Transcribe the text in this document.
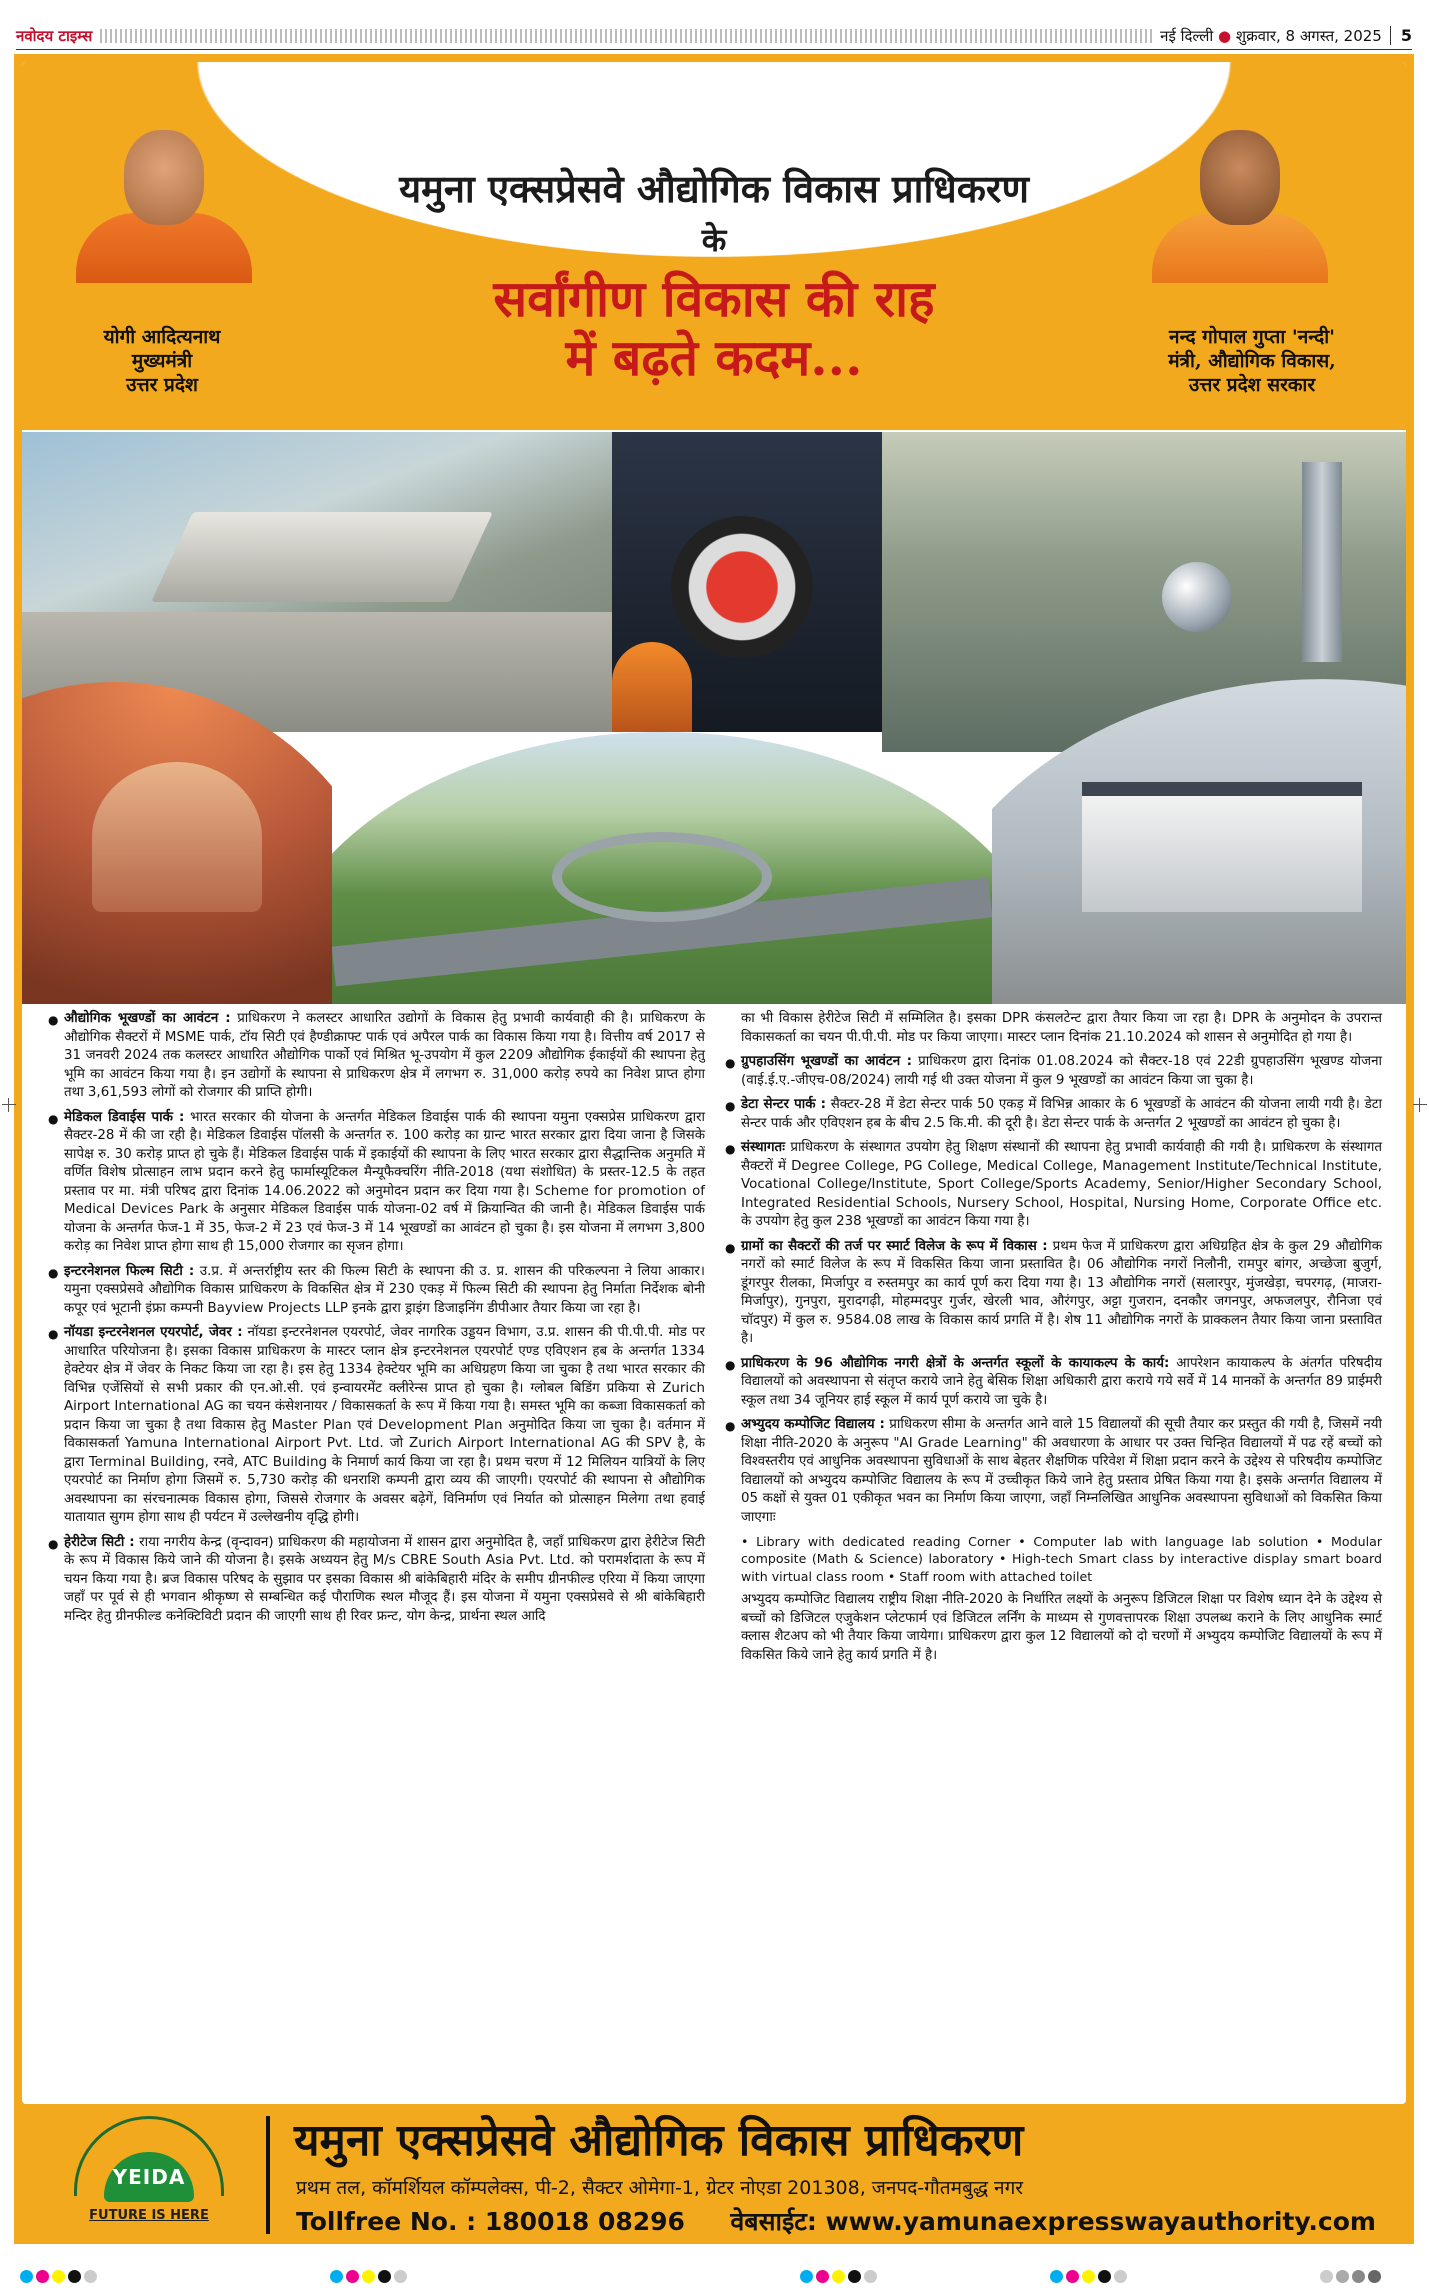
नवोदय टाइम्स	नई दिल्ली ● शुक्रवार, 8 अगस्त, 2025	5
योगी आदित्यनाथ
मुख्यमंत्री
उत्तर प्रदेश
यमुना एक्सप्रेसवे औद्योगिक विकास प्राधिकरण
के
सर्वांगीण विकास की राह
में बढ़ते कदम...	नन्द गोपाल गुप्ता 'नन्दी'
मंत्री, औद्योगिक विकास,
उत्तर प्रदेश सरकार
● औद्योगिक भूखण्डों का आवंटन : प्राधिकरण ने कलस्टर आधारित उद्योगों के विकास हेतु प्रभावी कार्यवाही की है। प्राधिकरण के औद्योगिक सैक्टरों में MSME पार्क, टॉय सिटी एवं हैण्डीक्राफ्ट पार्क एवं अपैरल पार्क का विकास किया गया है। वित्तीय वर्ष 2017 से 31 जनवरी 2024 तक कलस्टर आधारित औद्योगिक पार्को एवं मिश्रित भू-उपयोग में कुल 2209 औद्योगिक ईकाईयों की स्थापना हेतु भूमि का आवंटन किया गया है। इन उद्योगों के स्थापना से प्राधिकरण क्षेत्र में लगभग रु. 31,000 करोड़ रुपये का निवेश प्राप्त होगा तथा 3,61,593 लोगों को रोजगार की प्राप्ति होगी।
● मेडिकल डिवाईस पार्क : भारत सरकार की योजना के अन्तर्गत मेडिकल डिवाईस पार्क की स्थापना यमुना एक्सप्रेस प्राधिकरण द्वारा सैक्टर-28 में की जा रही है। मेडिकल डिवाईस पॉलसी के अन्तर्गत रु. 100 करोड़ का ग्रान्ट भारत सरकार द्वारा दिया जाना है जिसके सापेक्ष रु. 30 करोड़ प्राप्त हो चुके हैं। मेडिकल डिवाईस पार्क में इकाईयों की स्थापना के लिए भारत सरकार द्वारा सैद्धान्तिक अनुमति में वर्णित विशेष प्रोत्साहन लाभ प्रदान करने हेतु फार्मास्यूटिकल मैन्यूफैक्चरिंग नीति-2018 (यथा संशोधित) के प्रस्तर-12.5 के तहत प्रस्ताव पर मा. मंत्री परिषद द्वारा दिनांक 14.06.2022 को अनुमोदन प्रदान कर दिया गया है। Scheme for promotion of Medical Devices Park के अनुसार मेडिकल डिवाईस पार्क योजना-02 वर्ष में क्रियान्वित की जानी है। मेडिकल डिवाईस पार्क योजना के अन्तर्गत फेज-1 में 35, फेज-2 में 23 एवं फेज-3 में 14 भूखण्डों का आवंटन हो चुका है। इस योजना में लगभग 3,800 करोड़ का निवेश प्राप्त होगा साथ ही 15,000 रोजगार का सृजन होगा।
● इन्टरनेशनल फिल्म सिटी : उ.प्र. में अन्तर्राष्ट्रीय स्तर की फिल्म सिटी के स्थापना की उ. प्र. शासन की परिकल्पना ने लिया आकार। यमुना एक्सप्रेसवे औद्योगिक विकास प्राधिकरण के विकसित क्षेत्र में 230 एकड़ में फिल्म सिटी की स्थापना हेतु निर्माता निर्देशक बोनी कपूर एवं भूटानी इंफ्रा कम्पनी Bayview Projects LLP इनके द्वारा ड्राइंग डिजाइनिंग डीपीआर तैयार किया जा रहा है।
● नॉयडा इन्टरनेशनल एयरपोर्ट, जेवर : नॉयडा इन्टरनेशनल एयरपोर्ट, जेवर नागरिक उड्डयन विभाग, उ.प्र. शासन की पी.पी.पी. मोड पर आधारित परियोजना है। इसका विकास प्राधिकरण के मास्टर प्लान क्षेत्र इन्टरनेशनल एयरपोर्ट एण्ड एविएशन हब के अन्तर्गत 1334 हेक्टेयर क्षेत्र में जेवर के निकट किया जा रहा है। इस हेतु 1334 हेक्टेयर भूमि का अधिग्रहण किया जा चुका है तथा भारत सरकार की विभिन्न एजेंसियों से सभी प्रकार की एन.ओ.सी. एवं इन्वायरमेंट क्लीरेन्स प्राप्त हो चुका है। ग्लोबल बिडिंग प्रकिया से Zurich Airport International AG का चयन कंसेशनायर / विकासकर्ता के रूप में किया गया है। समस्त भूमि का कब्जा विकासकर्ता को प्रदान किया जा चुका है तथा विकास हेतु Master Plan एवं Development Plan अनुमोदित किया जा चुका है। वर्तमान में विकासकर्ता Yamuna International Airport Pvt. Ltd. जो Zurich Airport International AG की SPV है, के द्वारा Terminal Building, रनवे, ATC Building के निमार्ण कार्य किया जा रहा है। प्रथम चरण में 12 मिलियन यात्रियों के लिए एयरपोर्ट का निर्माण होगा जिसमें रु. 5,730 करोड़ की धनराशि कम्पनी द्वारा व्यय की जाएगी। एयरपोर्ट की स्थापना से औद्योगिक अवस्थापना का संरचनात्मक विकास होगा, जिससे रोजगार के अवसर बढ़ेगें, विनिर्माण एवं निर्यात को प्रोत्साहन मिलेगा तथा हवाई यातायात सुगम होगा साथ ही पर्यटन में उल्लेखनीय वृद्धि होगी।
● हेरीटेज सिटी : राया नगरीय केन्द्र (वृन्दावन) प्राधिकरण की महायोजना में शासन द्वारा अनुमोदित है, जहाँ प्राधिकरण द्वारा हेरीटेज सिटी के रूप में विकास किये जाने की योजना है। इसके अध्ययन हेतु M/s CBRE South Asia Pvt. Ltd. को परामर्शदाता के रूप में चयन किया गया है। ब्रज विकास परिषद के सुझाव पर इसका विकास श्री बांकेबिहारी मंदिर के समीप ग्रीनफील्ड एरिया में किया जाएगा जहाँ पर पूर्व से ही भगवान श्रीकृष्ण से सम्बन्धित कई पौराणिक स्थल मौजूद हैं। इस योजना में यमुना एक्सप्रेसवे से श्री बांकेबिहारी मन्दिर हेतु ग्रीनफील्ड कनेक्टिविटी प्रदान की जाएगी साथ ही रिवर फ्रन्ट, योग केन्द्र, प्रार्थना स्थल आदि
का भी विकास हेरीटेज सिटी में सम्मिलित है। इसका DPR कंसलटेन्ट द्वारा तैयार किया जा रहा है। DPR के अनुमोदन के उपरान्त विकासकर्ता का चयन पी.पी.पी. मोड पर किया जाएगा। मास्टर प्लान दिनांक 21.10.2024 को शासन से अनुमोदित हो गया है।
● ग्रुपहाउसिंग भूखण्डों का आवंटन : प्राधिकरण द्वारा दिनांक 01.08.2024 को सैक्टर-18 एवं 22डी ग्रुपहाउसिंग भूखण्ड योजना (वाई.ई.ए.-जीएच-08/2024) लायी गई थी उक्त योजना में कुल 9 भूखण्डों का आवंटन किया जा चुका है।
● डेटा सेन्टर पार्क : सैक्टर-28 में डेटा सेन्टर पार्क 50 एकड़ में विभिन्न आकार के 6 भूखण्डों के आवंटन की योजना लायी गयी है। डेटा सेन्टर पार्क और एविएशन हब के बीच 2.5 कि.मी. की दूरी है। डेटा सेन्टर पार्क के अन्तर्गत 2 भूखण्डों का आवंटन हो चुका है।
● संस्थागतः प्राधिकरण के संस्थागत उपयोग हेतु शिक्षण संस्थानों की स्थापना हेतु प्रभावी कार्यवाही की गयी है। प्राधिकरण के संस्थागत सैक्टरों में Degree College, PG College, Medical College, Management Institute/Technical Institute, Vocational College/Institute, Sport College/Sports Academy, Senior/Higher Secondary School, Integrated Residential Schools, Nursery School, Hospital, Nursing Home, Corporate Office etc. के उपयोग हेतु कुल 238 भूखण्डों का आवंटन किया गया है।
● ग्रामों का सैक्टरों की तर्ज पर स्मार्ट विलेज के रूप में विकास : प्रथम फेज में प्राधिकरण द्वारा अधिग्रहित क्षेत्र के कुल 29 औद्योगिक नगरों को स्मार्ट विलेज के रूप में विकसित किया जाना प्रस्तावित है। 06 औद्योगिक नगरों निलौनी, रामपुर बांगर, अच्छेजा बुजुर्ग, डूंगरपुर रीलका, मिर्जापुर व रुस्तमपुर का कार्य पूर्ण करा दिया गया है। 13 औद्योगिक नगरों (सलारपुर, मुंजखेड़ा, चपरगढ़, (माजरा-मिर्जापुर), गुनपुरा, मुरादगढ़ी, मोहम्मदपुर गुर्जर, खेरली भाव, औरंगपुर, अट्टा गुजरान, दनकौर जगनपुर, अफजलपुर, रौनिजा एवं चॉदपुर) में कुल रु. 9584.08 लाख के विकास कार्य प्रगति में है। शेष 11 औद्योगिक नगरों के प्राक्कलन तैयार किया जाना प्रस्तावित है।
● प्राधिकरण के 96 औद्योगिक नगरी क्षेत्रों के अन्तर्गत स्कूलों के कायाकल्प के कार्य: आपरेशन कायाकल्प के अंतर्गत परिषदीय विद्यालयों को अवस्थापना से संतृप्त कराये जाने हेतु बेसिक शिक्षा अधिकारी द्वारा कराये गये सर्वे में 14 मानकों के अन्तर्गत 89 प्राईमरी स्कूल तथा 34 जूनियर हाई स्कूल में कार्य पूर्ण कराये जा चुके है।
● अभ्युदय कम्पोजिट विद्यालय : प्राधिकरण सीमा के अन्तर्गत आने वाले 15 विद्यालयों की सूची तैयार कर प्रस्तुत की गयी है, जिसमें नयी शिक्षा नीति-2020 के अनुरूप "AI Grade Learning" की अवधारणा के आधार पर उक्त चिन्हित विद्यालयों में पढ रहें बच्चों को विश्वस्तरीय एवं आधुनिक अवस्थापना सुविधाओं के साथ बेहतर शैक्षणिक परिवेश में शिक्षा प्रदान करने के उद्देश्य से परिषदीय कम्पोजिट विद्यालयों को अभ्युदय कम्पोजिट विद्यालय के रूप में उच्चीकृत किये जाने हेतु प्रस्ताव प्रेषित किया गया है। इसके अन्तर्गत विद्यालय में 05 कक्षों से युक्त 01 एकीकृत भवन का निर्माण किया जाएगा, जहाँ निम्नलिखित आधुनिक अवस्थापना सुविधाओं को विकसित किया जाएगाः
• Library with dedicated reading Corner • Computer lab with language lab solution • Modular composite (Math & Science) laboratory • High-tech Smart class by interactive display smart board with virtual class room • Staff room with attached toilet
अभ्युदय कम्पोजिट विद्यालय राष्ट्रीय शिक्षा नीति-2020 के निर्धारित लक्ष्यों के अनुरूप डिजिटल शिक्षा पर विशेष ध्यान देने के उद्देश्य से बच्चों को डिजिटल एजुकेशन प्लेटफार्म एवं डिजिटल लर्निंग के माध्यम से गुणवत्तापरक शिक्षा उपलब्ध कराने के लिए आधुनिक स्मार्ट क्लास शैटअप को भी तैयार किया जायेगा। प्राधिकरण द्वारा कुल 12 विद्यालयों को दो चरणों में अभ्युदय कम्पोजिट विद्यालयों के रूप में विकसित किये जाने हेतु कार्य प्रगति में है।
YEIDA
FUTURE IS HERE
यमुना एक्सप्रेसवे औद्योगिक विकास प्राधिकरण
प्रथम तल, कॉमर्शियल कॉम्पलेक्स, पी-2, सैक्टर ओमेगा-1, ग्रेटर नोएडा 201308, जनपद-गौतमबुद्ध नगर
Tollfree No. : 180018 08296 वेबसाईट: www.yamunaexpresswayauthority.com
